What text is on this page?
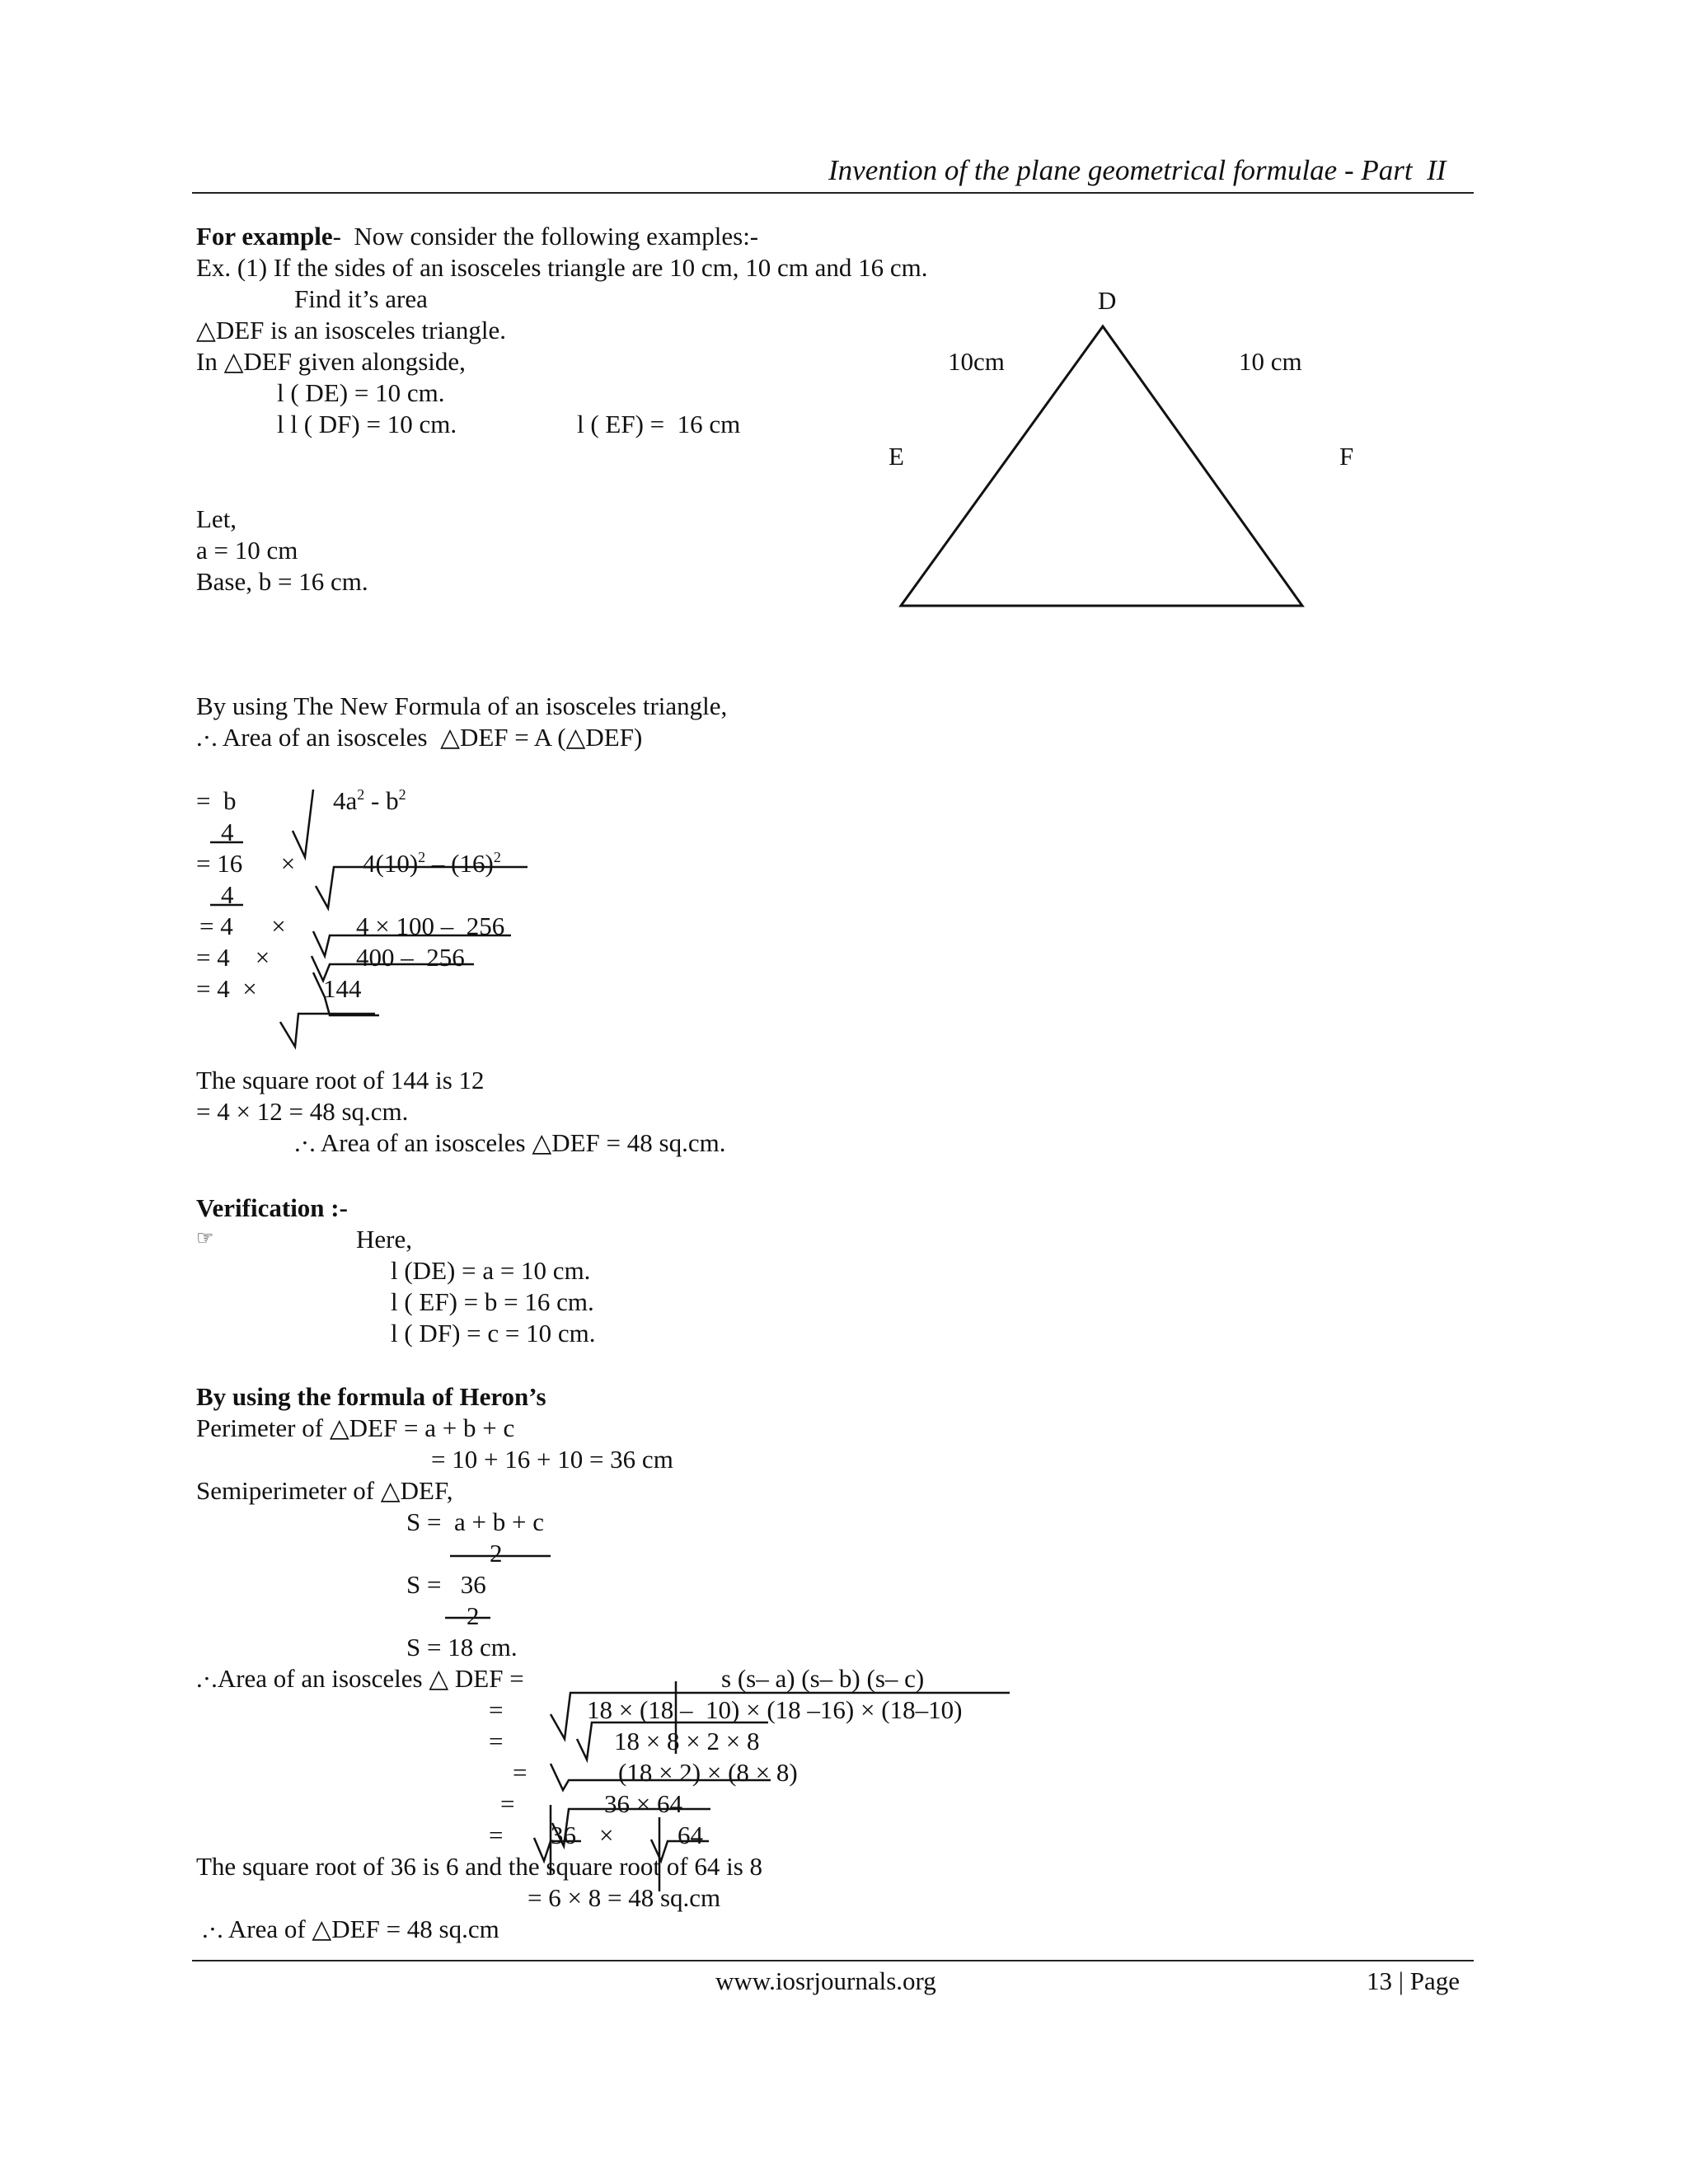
Invention of the plane geometrical formulae - Part  II
For example-  Now consider the following examples:-
Ex. (1) If the sides of an isosceles triangle are 10 cm, 10 cm and 16 cm.
Find it’s area
△DEF is an isosceles triangle.
In △DEF given alongside,
l ( DE) = 10 cm.
l l ( DF) = 10 cm.	l ( EF) =  16 cm
Let,
a = 10 cm
Base, b = 16 cm.
D
10cm	10 cm
E	F
By using The New Formula of an isosceles triangle,
.·. Area of an isosceles  △DEF = A (△DEF)
=  b	$4a^2 - b^2$
4
= 16      ×	$4(10)^2 - (16)^2$
4
= 4      ×	4 × 100 –  256
= 4    ×	400 –  256
= 4  ×	144
The square root of 144 is 12
= 4 × 12 = 48 sq.cm.
.·. Area of an isosceles △DEF = 48 sq.cm.
Verification :-
☞	Here,
l (DE) = a = 10 cm.
l ( EF) = b = 16 cm.
l ( DF) = c = 10 cm.
By using the formula of Heron’s
Perimeter of △DEF = a + b + c
= 10 + 16 + 10 = 36 cm
Semiperimeter of △DEF,
S =  a + b + c
2
S =   36
2
S = 18 cm.
.·.Area of an isosceles △ DEF =	s (s– a) (s– b) (s– c)
=	18 × (18 –  10) × (18 –16) × (18–10)
=	18 × 8 × 2 × 8
=	(18 × 2) × (8 × 8)
=	36 × 64
= 36 ×	64
The square root of 36 is 6 and the square root of 64 is 8
= 6 × 8 = 48 sq.cm
.·. Area of △DEF = 48 sq.cm
www.iosrjournals.org	13 | Page
